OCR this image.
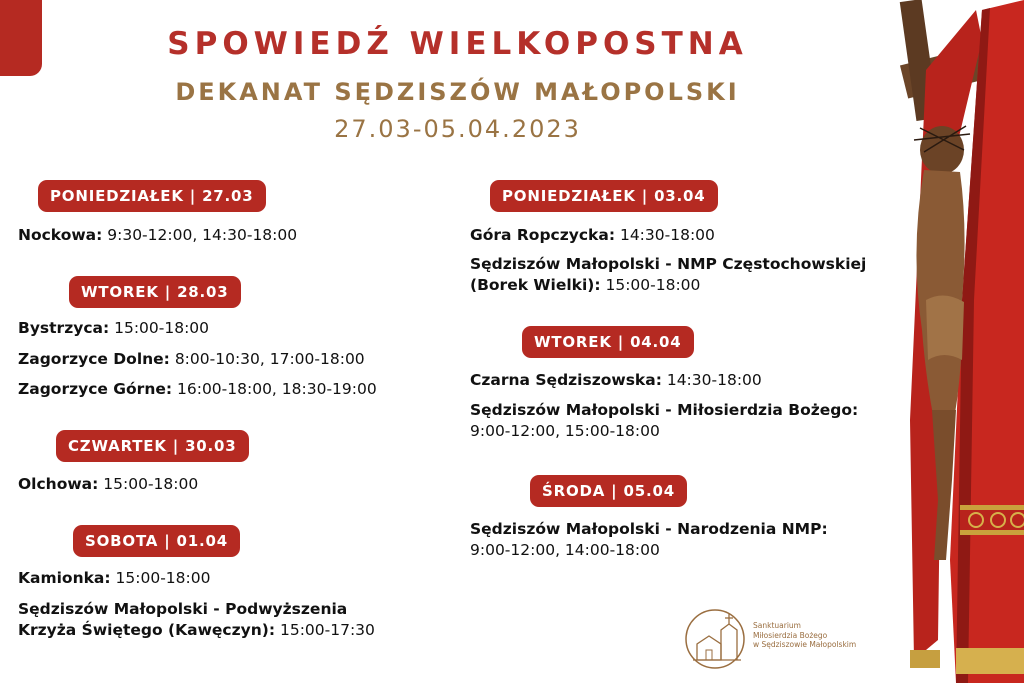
SPOWIEDŹ WIELKOPOSTNA
DEKANAT SĘDZISZÓW MAŁOPOLSKI
27.03-05.04.2023
PONIEDZIAŁEK | 27.03
Nockowa: 9:30-12:00, 14:30-18:00
WTOREK | 28.03
Bystrzyca: 15:00-18:00
Zagorzyce Dolne: 8:00-10:30, 17:00-18:00
Zagorzyce Górne: 16:00-18:00, 18:30-19:00
CZWARTEK | 30.03
Olchowa: 15:00-18:00
SOBOTA | 01.04
Kamionka: 15:00-18:00
Sędziszów Małopolski - Podwyższenia
Krzyża Świętego (Kawęczyn): 15:00-17:30
PONIEDZIAŁEK | 03.04
Góra Ropczycka: 14:30-18:00
Sędziszów Małopolski - NMP Częstochowskiej
(Borek Wielki): 15:00-18:00
WTOREK | 04.04
Czarna Sędziszowska: 14:30-18:00
Sędziszów Małopolski - Miłosierdzia Bożego:
9:00-12:00, 15:00-18:00
ŚRODA | 05.04
Sędziszów Małopolski - Narodzenia NMP:
9:00-12:00, 14:00-18:00
Sanktuarium
Miłosierdzia Bożego
w Sędziszowie Małopolskim
